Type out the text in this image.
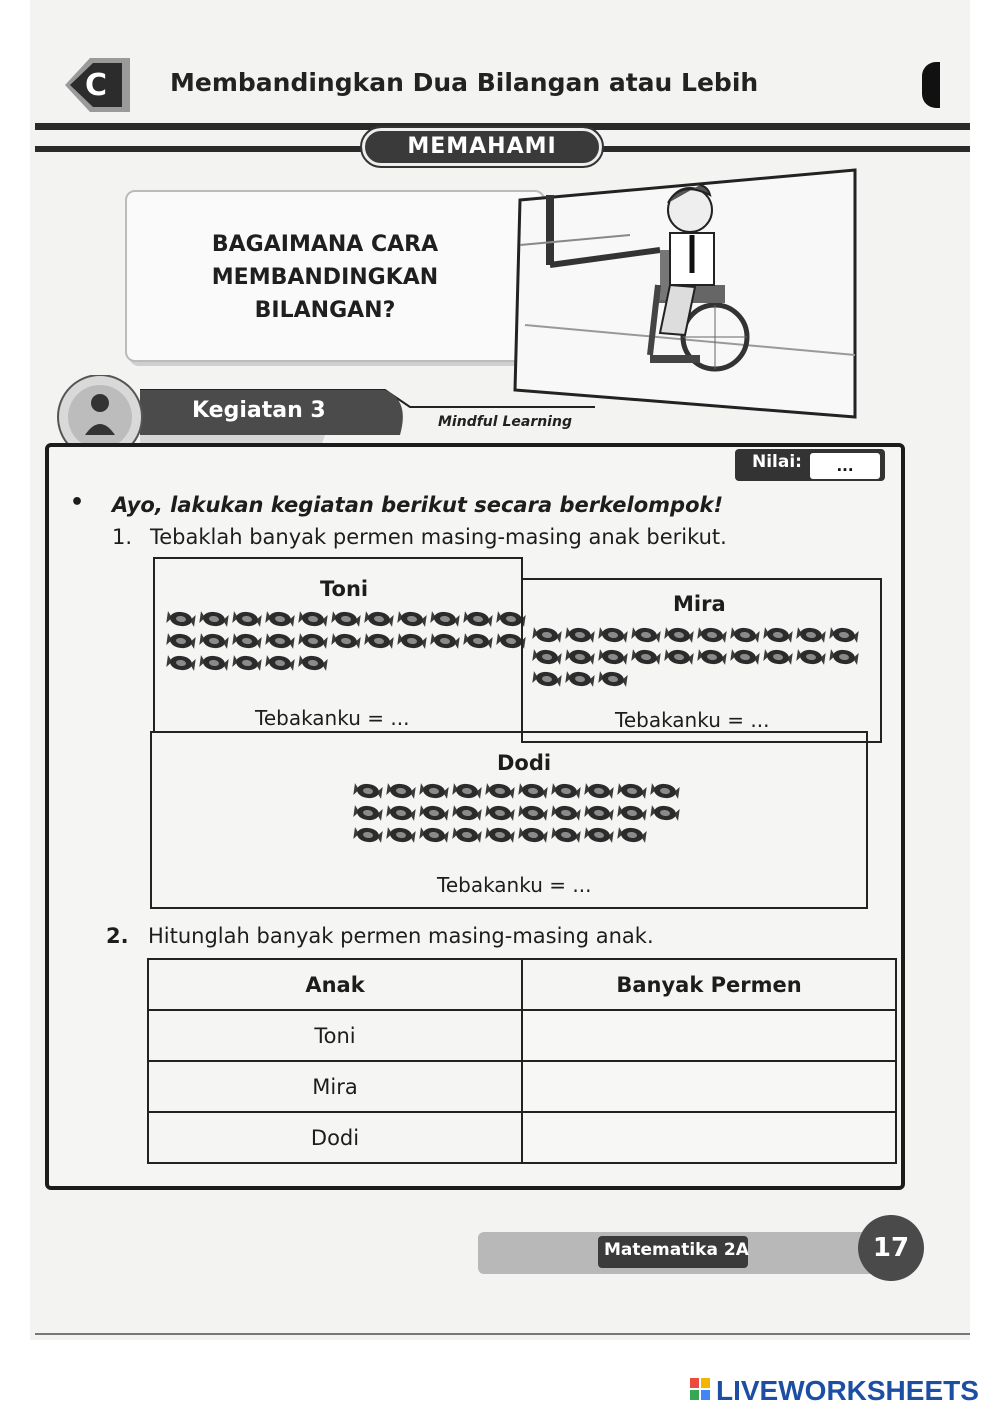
C	Membandingkan Dua Bilangan atau Lebih
MEMAHAMI
BAGAIMANA CARA MEMBANDINGKAN BILANGAN?
Kegiatan 3	Mindful Learning
Nilai:	...
• Ayo, lakukan kegiatan berikut secara berkelompok!
1. Tebaklah banyak permen masing-masing anak berikut.
Toni
Tebakanku = ...
Mira
Tebakanku = ...
Dodi
Tebakanku = ...
2. Hitunglah banyak permen masing-masing anak.
Anak	Banyak Permen
Toni	
Mira	
Dodi	
Matematika 2A	17
LIVEWORKSHEETS
